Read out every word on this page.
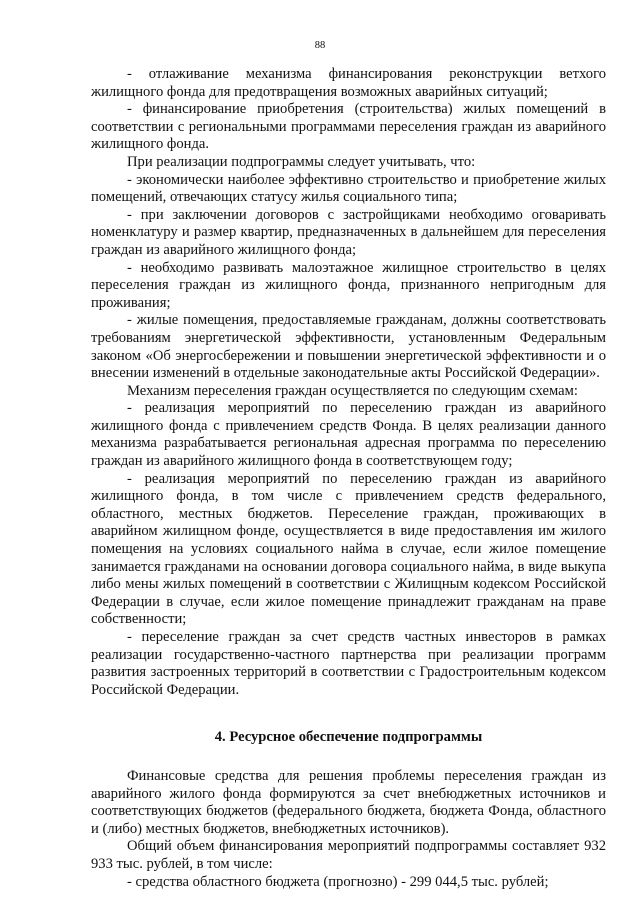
88

- отлаживание механизма финансирования реконструкции ветхого жилищного фонда для предотвращения возможных аварийных ситуаций;

- финансирование приобретения (строительства) жилых помещений в соответствии с региональными программами переселения граждан из аварийного жилищного фонда.

При реализации подпрограммы следует учитывать, что:

- экономически наиболее эффективно строительство и приобретение жилых помещений, отвечающих статусу жилья социального типа;

- при заключении договоров с застройщиками необходимо оговаривать номенклатуру и размер квартир, предназначенных в дальнейшем для переселения граждан из аварийного жилищного фонда;

- необходимо развивать малоэтажное жилищное строительство в целях переселения граждан из жилищного фонда, признанного непригодным для проживания;

- жилые помещения, предоставляемые гражданам, должны соответствовать требованиям энергетической эффективности, установленным Федеральным законом «Об энергосбережении и повышении энергетической эффективности и о внесении изменений в отдельные законодательные акты Российской Федерации».

Механизм переселения граждан осуществляется по следующим схемам:

- реализация мероприятий по переселению граждан из аварийного жилищного фонда с привлечением средств Фонда. В целях реализации данного механизма разрабатывается региональная адресная программа по переселению граждан из аварийного жилищного фонда в соответствующем году;

- реализация мероприятий по переселению граждан из аварийного жилищного фонда, в том числе с привлечением средств федерального, областного, местных бюджетов. Переселение граждан, проживающих в аварийном жилищном фонде, осуществляется в виде предоставления им жилого помещения на условиях социального найма в случае, если жилое помещение занимается гражданами на основании договора социального найма, в виде выкупа либо мены жилых помещений в соответствии с Жилищным кодексом Российской Федерации в случае, если жилое помещение принадлежит гражданам на праве собственности;

- переселение граждан за счет средств частных инвесторов в рамках реализации государственно-частного партнерства при реализации программ развития застроенных территорий в соответствии с Градостроительным кодексом Российской Федерации.

4. Ресурсное обеспечение подпрограммы

Финансовые средства для решения проблемы переселения граждан из аварийного жилого фонда формируются за счет внебюджетных источников и соответствующих бюджетов (федерального бюджета, бюджета Фонда, областного и (либо) местных бюджетов, внебюджетных источников).

Общий объем финансирования мероприятий подпрограммы составляет 932 933 тыс. рублей, в том числе:

- средства областного бюджета (прогнозно) - 299 044,5 тыс. рублей;
